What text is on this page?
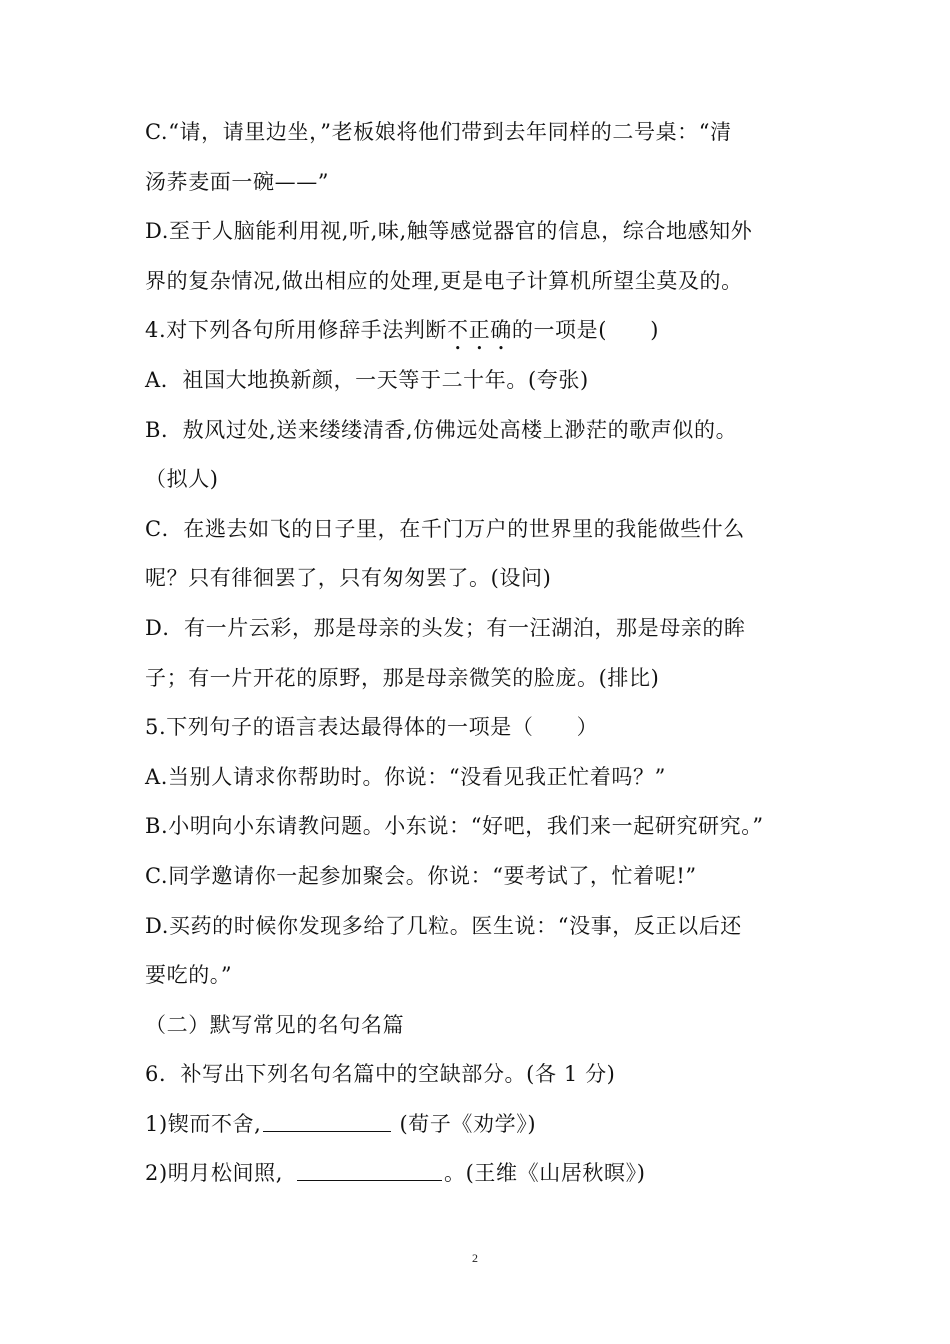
C.“请，请里边坐，”老板娘将他们带到去年同样的二号桌：“清
汤荞麦面一碗——”
D.至于人脑能利用视,听,味,触等感觉器官的信息，综合地感知外
界的复杂情况,做出相应的处理,更是电子计算机所望尘莫及的。
4.对下列各句所用修辞手法判断不正确的一项是(　　)
A．祖国大地换新颜，一天等于二十年。(夸张)
B．敖风过处,送来缕缕清香,仿佛远处高楼上渺茫的歌声似的。
（拟人)
C．在逃去如飞的日子里，在千门万户的世界里的我能做些什么
呢？只有徘徊罢了，只有匆匆罢了。(设问)
D．有一片云彩，那是母亲的头发；有一汪湖泊，那是母亲的眸
子；有一片开花的原野，那是母亲微笑的脸庞。(排比)
5.下列句子的语言表达最得体的一项是（　　）
A.当别人请求你帮助时。你说：“没看见我正忙着吗？”
B.小明向小东请教问题。小东说：“好吧，我们来一起研究研究。”
C.同学邀请你一起参加聚会。你说：“要考试了，忙着呢!”
D.买药的时候你发现多给了几粒。医生说：“没事，反正以后还
要吃的。”
（二）默写常见的名句名篇
6．补写出下列名句名篇中的空缺部分。(各 1 分)
1)锲而不舍,	(荀子《劝学》)
2)明月松间照,	。(王维《山居秋暝》)
2
